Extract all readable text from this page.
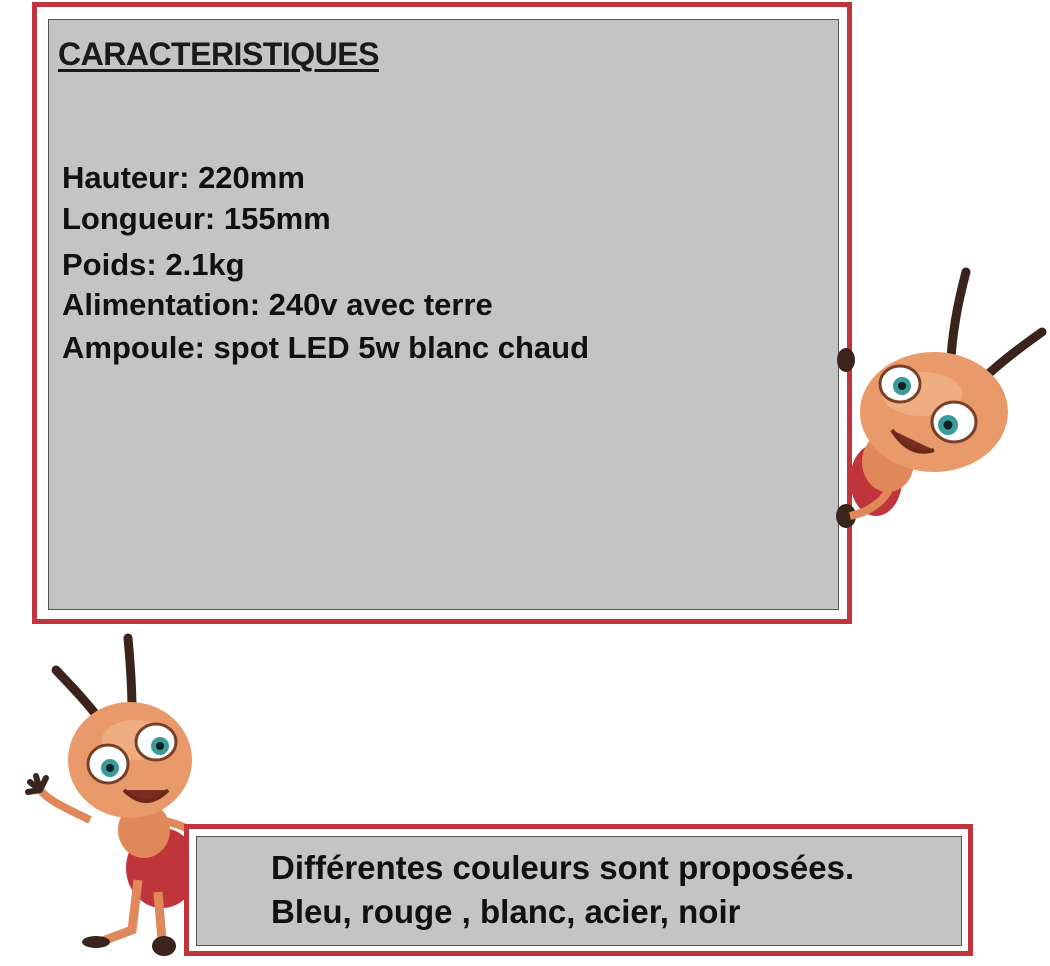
CARACTERISTIQUES
Hauteur: 220mm
Longueur: 155mm
Poids: 2.1kg
Alimentation: 240v avec terre
Ampoule: spot LED 5w blanc chaud
Différentes couleurs sont proposées.
Bleu, rouge , blanc, acier, noir
